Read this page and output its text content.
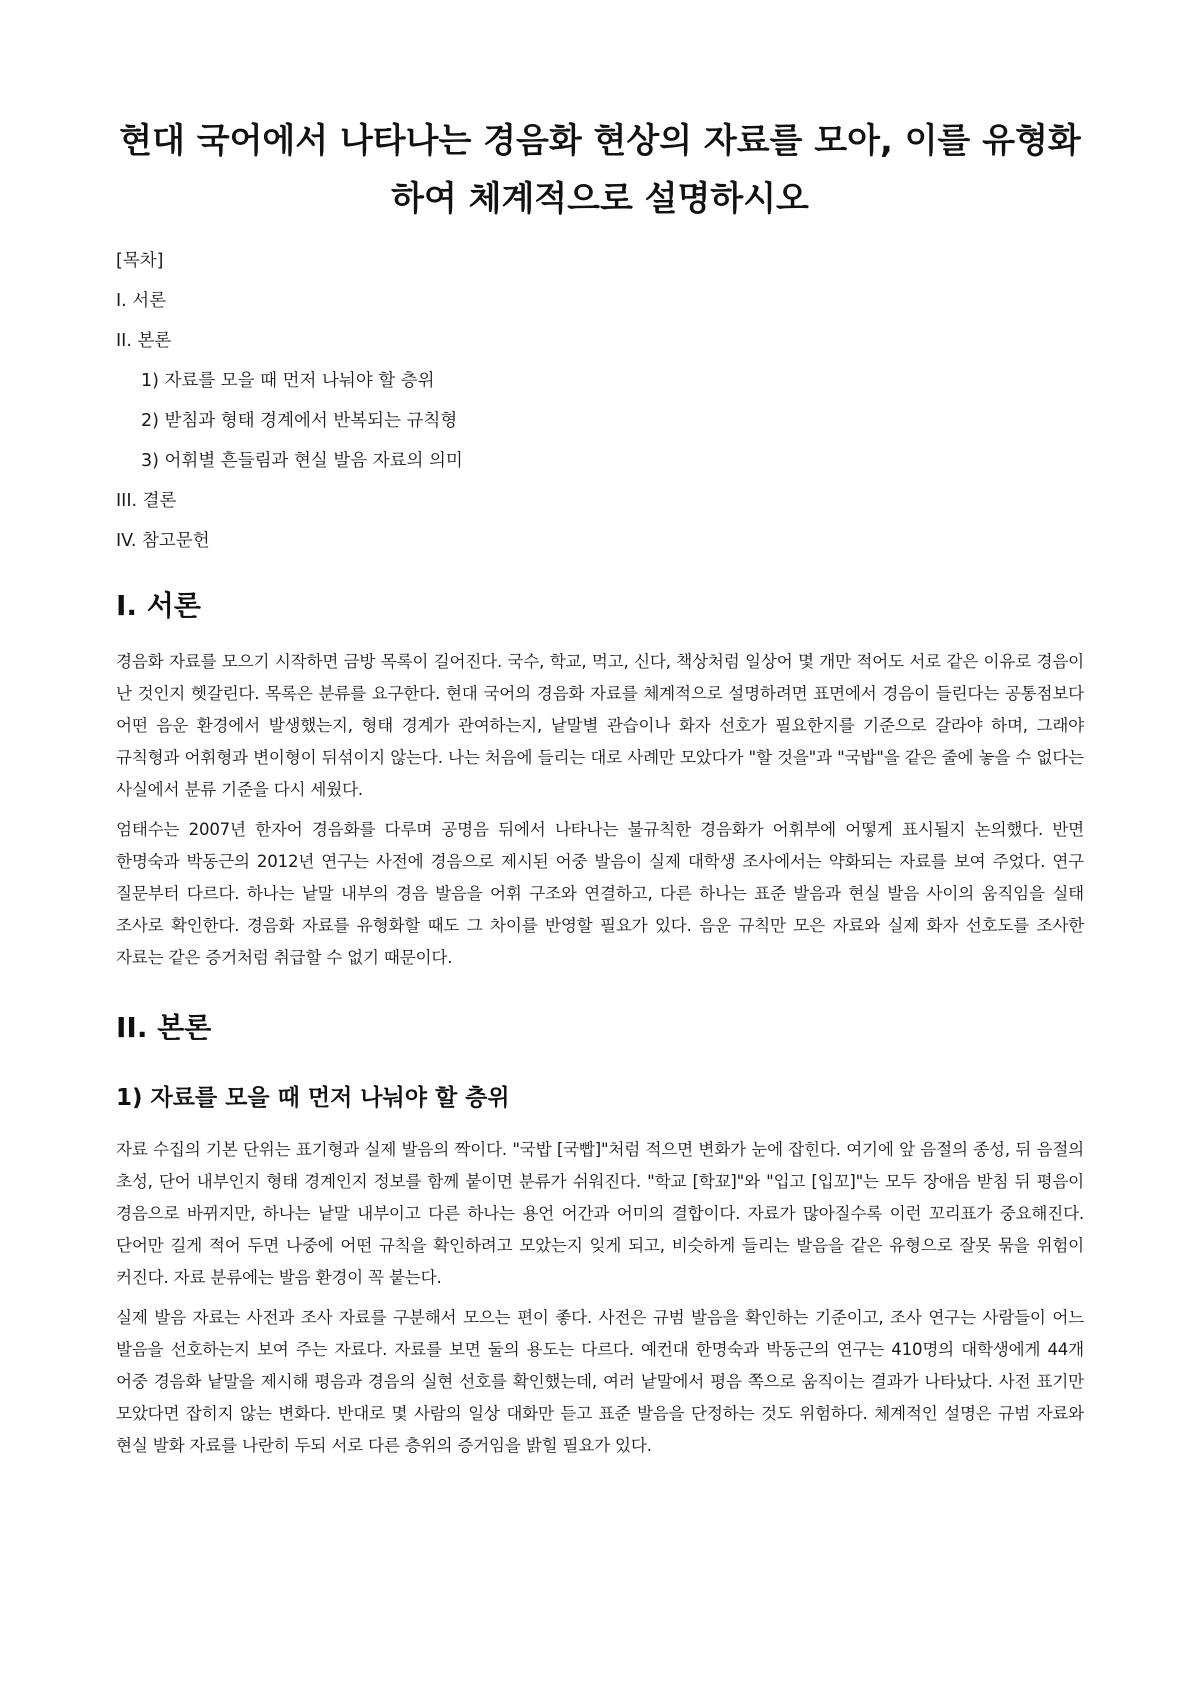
현대 국어에서 나타나는 경음화 현상의 자료를 모아, 이를 유형화하여 체계적으로 설명하시오
[목차]
I. 서론
II. 본론
1) 자료를 모을 때 먼저 나눠야 할 층위
2) 받침과 형태 경계에서 반복되는 규칙형
3) 어휘별 흔들림과 현실 발음 자료의 의미
III. 결론
IV. 참고문헌
I. 서론

경음화 자료를 모으기 시작하면 금방 목록이 길어진다. 국수, 학교, 먹고, 신다, 책상처럼 일상어 몇 개만 적어도 서로 같은 이유로 경음이 난 것인지 헷갈린다. 목록은 분류를 요구한다. 현대 국어의 경음화 자료를 체계적으로 설명하려면 표면에서 경음이 들린다는 공통점보다 어떤 음운 환경에서 발생했는지, 형태 경계가 관여하는지, 낱말별 관습이나 화자 선호가 필요한지를 기준으로 갈라야 하며, 그래야 규칙형과 어휘형과 변이형이 뒤섞이지 않는다. 나는 처음에 들리는 대로 사례만 모았다가 "할 것을"과 "국밥"을 같은 줄에 놓을 수 없다는 사실에서 분류 기준을 다시 세웠다.

엄태수는 2007년 한자어 경음화를 다루며 공명음 뒤에서 나타나는 불규칙한 경음화가 어휘부에 어떻게 표시될지 논의했다. 반면 한명숙과 박동근의 2012년 연구는 사전에 경음으로 제시된 어중 발음이 실제 대학생 조사에서는 약화되는 자료를 보여 주었다. 연구 질문부터 다르다. 하나는 낱말 내부의 경음 발음을 어휘 구조와 연결하고, 다른 하나는 표준 발음과 현실 발음 사이의 움직임을 실태 조사로 확인한다. 경음화 자료를 유형화할 때도 그 차이를 반영할 필요가 있다. 음운 규칙만 모은 자료와 실제 화자 선호도를 조사한 자료는 같은 증거처럼 취급할 수 없기 때문이다.

II. 본론
1) 자료를 모을 때 먼저 나눠야 할 층위

자료 수집의 기본 단위는 표기형과 실제 발음의 짝이다. "국밥 [국빱]"처럼 적으면 변화가 눈에 잡힌다. 여기에 앞 음절의 종성, 뒤 음절의 초성, 단어 내부인지 형태 경계인지 정보를 함께 붙이면 분류가 쉬워진다. "학교 [학꾜]"와 "입고 [입꼬]"는 모두 장애음 받침 뒤 평음이 경음으로 바뀌지만, 하나는 낱말 내부이고 다른 하나는 용언 어간과 어미의 결합이다. 자료가 많아질수록 이런 꼬리표가 중요해진다. 단어만 길게 적어 두면 나중에 어떤 규칙을 확인하려고 모았는지 잊게 되고, 비슷하게 들리는 발음을 같은 유형으로 잘못 묶을 위험이 커진다. 자료 분류에는 발음 환경이 꼭 붙는다.

실제 발음 자료는 사전과 조사 자료를 구분해서 모으는 편이 좋다. 사전은 규범 발음을 확인하는 기준이고, 조사 연구는 사람들이 어느 발음을 선호하는지 보여 주는 자료다. 자료를 보면 둘의 용도는 다르다. 예컨대 한명숙과 박동근의 연구는 410명의 대학생에게 44개 어중 경음화 낱말을 제시해 평음과 경음의 실현 선호를 확인했는데, 여러 낱말에서 평음 쪽으로 움직이는 결과가 나타났다. 사전 표기만 모았다면 잡히지 않는 변화다. 반대로 몇 사람의 일상 대화만 듣고 표준 발음을 단정하는 것도 위험하다. 체계적인 설명은 규범 자료와 현실 발화 자료를 나란히 두되 서로 다른 층위의 증거임을 밝힐 필요가 있다.
